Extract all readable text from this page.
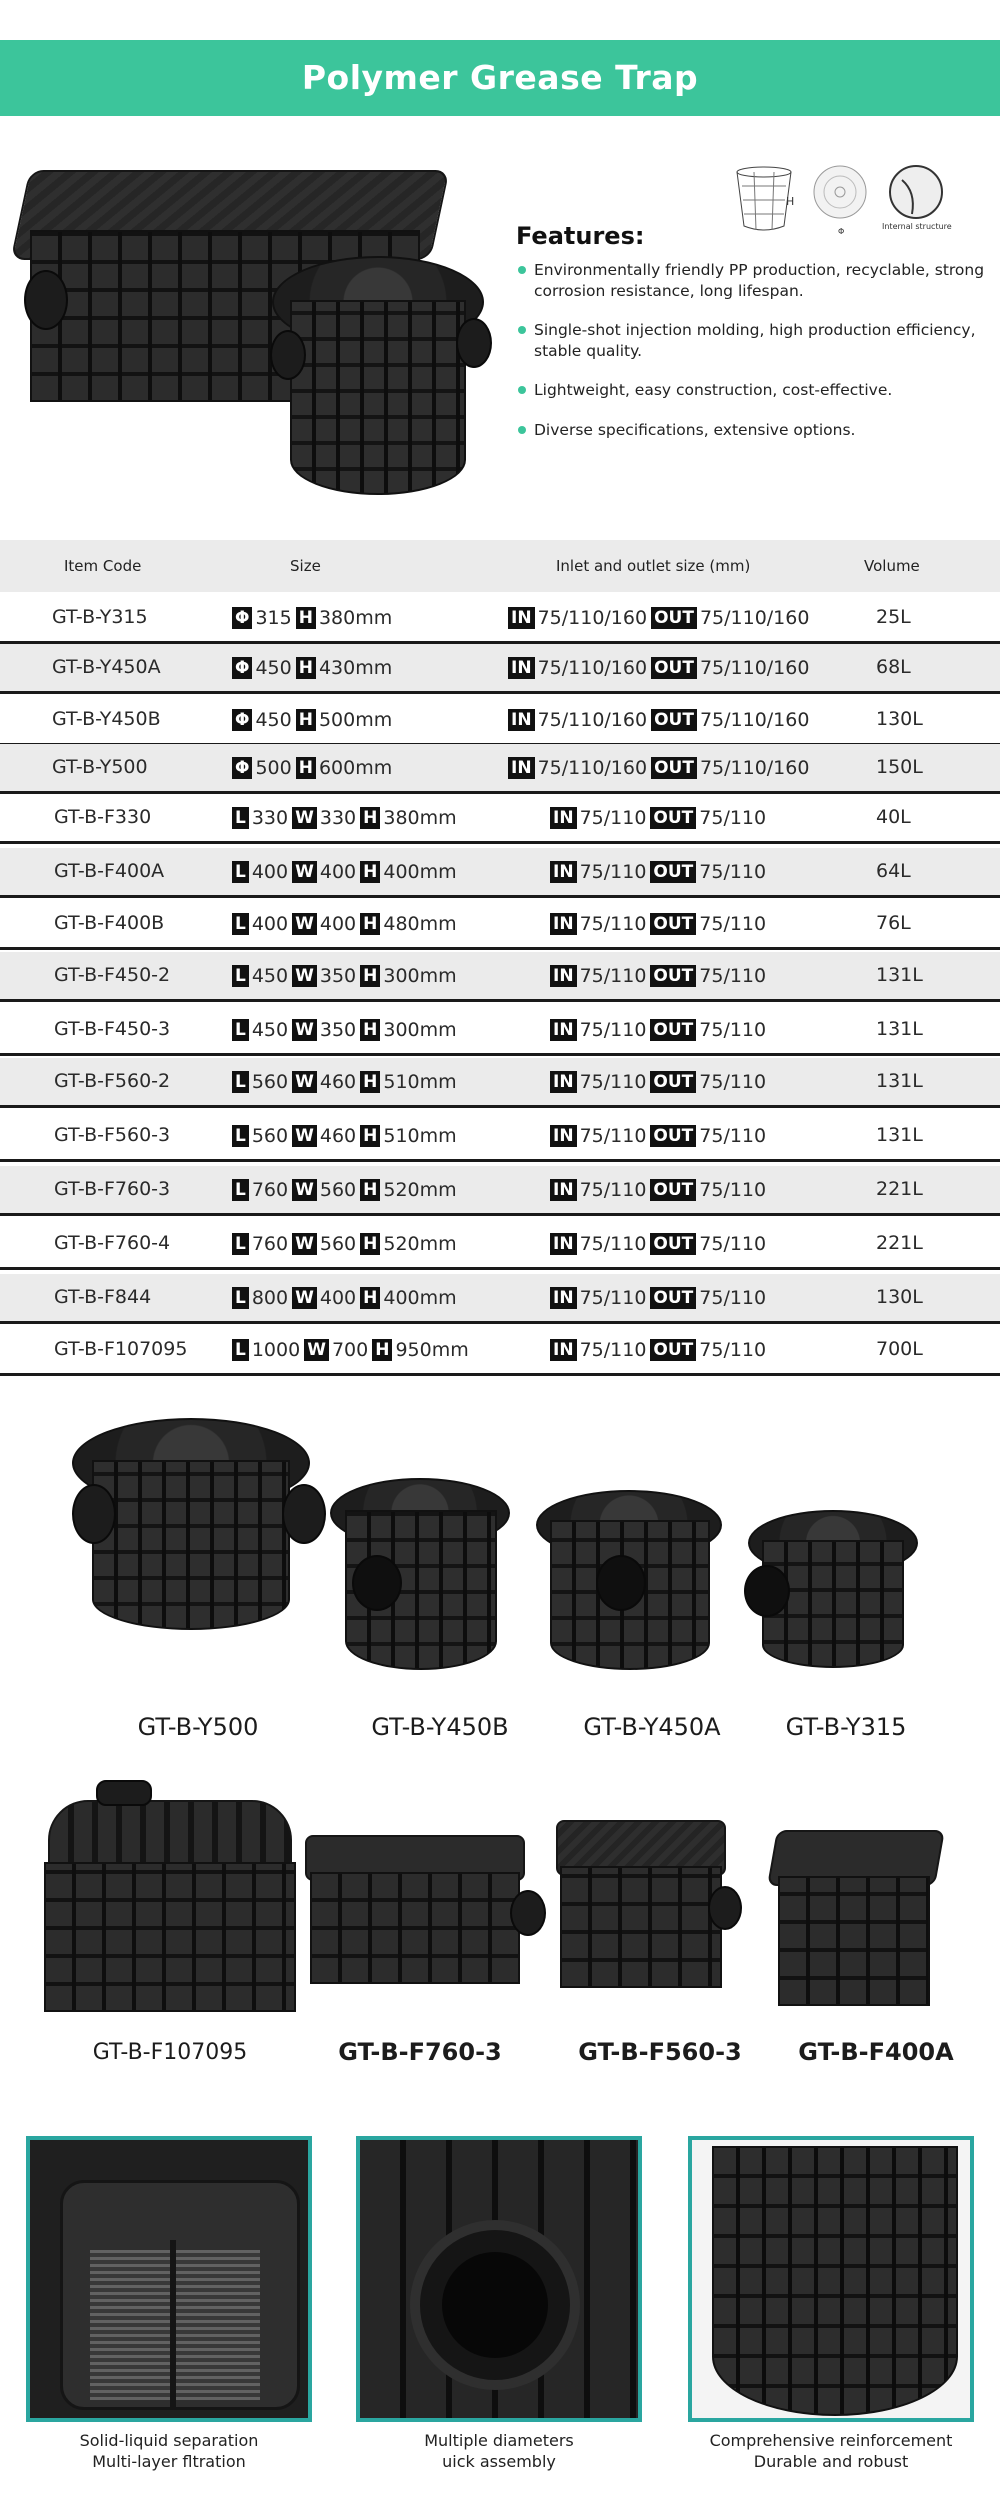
Polymer Grease Trap
H
Φ
Internal structure
Features:
Environmentally friendly PP production, recyclable, strong corrosion resistance, long lifespan.
Single-shot injection molding, high production efficiency, stable quality.
Lightweight, easy construction, cost-effective.
Diverse specifications, extensive options.
Item Code	Size	Inlet and outlet size (mm)	Volume
GT-B-Y315	Φ 315 H 380mm	IN 75/110/160 OUT 75/110/160	25L
GT-B-Y450A	Φ 450 H 430mm	IN 75/110/160 OUT 75/110/160	68L
GT-B-Y450B	Φ 450 H 500mm	IN 75/110/160 OUT 75/110/160	130L
GT-B-Y500	Φ 500 H 600mm	IN 75/110/160 OUT 75/110/160	150L
GT-B-F330	L 330 W 330 H 380mm	IN 75/110 OUT 75/110	40L
GT-B-F400A	L 400 W 400 H 400mm	IN 75/110 OUT 75/110	64L
GT-B-F400B	L 400 W 400 H 480mm	IN 75/110 OUT 75/110	76L
GT-B-F450-2	L 450 W 350 H 300mm	IN 75/110 OUT 75/110	131L
GT-B-F450-3	L 450 W 350 H 300mm	IN 75/110 OUT 75/110	131L
GT-B-F560-2	L 560 W 460 H 510mm	IN 75/110 OUT 75/110	131L
GT-B-F560-3	L 560 W 460 H 510mm	IN 75/110 OUT 75/110	131L
GT-B-F760-3	L 760 W 560 H 520mm	IN 75/110 OUT 75/110	221L
GT-B-F760-4	L 760 W 560 H 520mm	IN 75/110 OUT 75/110	221L
GT-B-F844	L 800 W 400 H 400mm	IN 75/110 OUT 75/110	130L
GT-B-F107095	L 1000 W 700 H 950mm	IN 75/110 OUT 75/110	700L
GT-B-Y500	GT-B-Y450B	GT-B-Y450A	GT-B-Y315
GT-B-F107095	GT-B-F760-3	GT-B-F560-3	GT-B-F400A
Solid-liquid separation
Multi-layer fltration
Multiple diameters
uick assembly
Comprehensive reinforcement
Durable and robust
